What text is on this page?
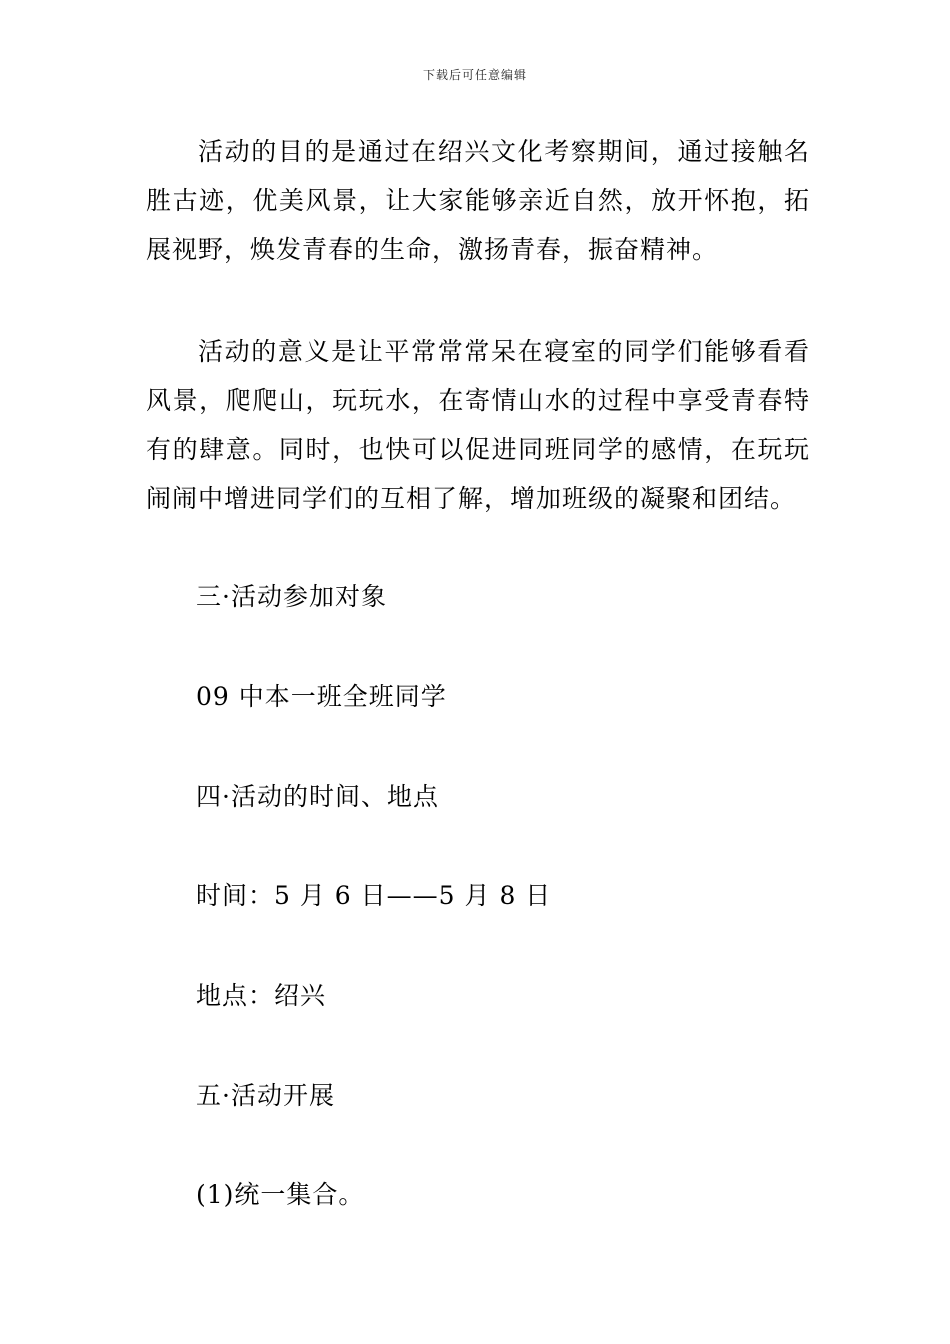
下载后可任意编辑

活动的目的是通过在绍兴文化考察期间，通过接触名胜古迹，优美风景，让大家能够亲近自然，放开怀抱，拓展视野，焕发青春的生命，激扬青春，振奋精神。

活动的意义是让平常常常呆在寝室的同学们能够看看风景，爬爬山，玩玩水，在寄情山水的过程中享受青春特有的肆意。同时，也快可以促进同班同学的感情，在玩玩闹闹中增进同学们的互相了解，增加班级的凝聚和团结。

三·活动参加对象
09 中本一班全班同学
四·活动的时间、地点
时间：5 月 6 日——5 月 8 日
地点：绍兴
五·活动开展
(1)统一集合。
